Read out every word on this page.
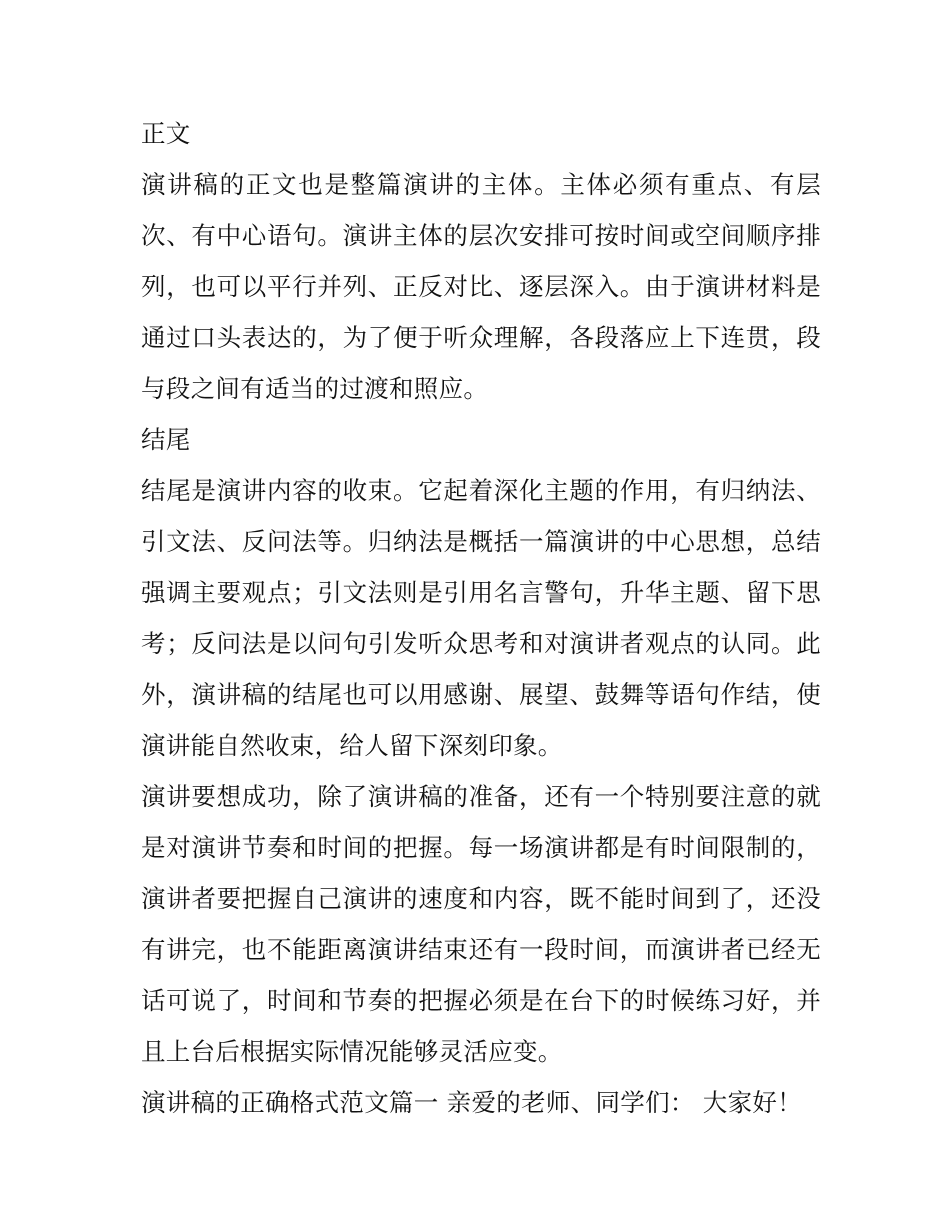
正文

演讲稿的正文也是整篇演讲的主体。主体必须有重点、有层次、有中心语句。演讲主体的层次安排可按时间或空间顺序排列，也可以平行并列、正反对比、逐层深入。由于演讲材料是通过口头表达的，为了便于听众理解，各段落应上下连贯，段与段之间有适当的过渡和照应。

结尾

结尾是演讲内容的收束。它起着深化主题的作用，有归纳法、引文法、反问法等。归纳法是概括一篇演讲的中心思想，总结强调主要观点；引文法则是引用名言警句，升华主题、留下思考；反问法是以问句引发听众思考和对演讲者观点的认同。此外，演讲稿的结尾也可以用感谢、展望、鼓舞等语句作结，使演讲能自然收束，给人留下深刻印象。

演讲要想成功，除了演讲稿的准备，还有一个特别要注意的就是对演讲节奏和时间的把握。每一场演讲都是有时间限制的，演讲者要把握自己演讲的速度和内容，既不能时间到了，还没有讲完，也不能距离演讲结束还有一段时间，而演讲者已经无话可说了，时间和节奏的把握必须是在台下的时候练习好，并且上台后根据实际情况能够灵活应变。

演讲稿的正确格式范文篇一 亲爱的老师、同学们： 大家好！
